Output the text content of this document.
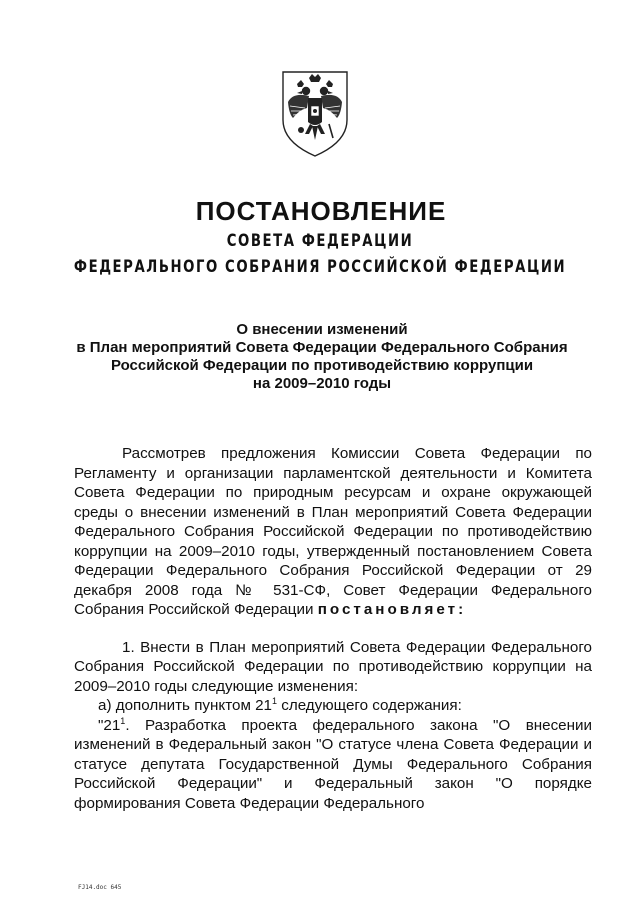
ПОСТАНОВЛЕНИЕ

СОВЕТА ФЕДЕРАЦИИ

ФЕДЕРАЛЬНОГО СОБРАНИЯ РОССИЙСКОЙ ФЕДЕРАЦИИ

О внесении изменений
в План мероприятий Совета Федерации Федерального Собрания
Российской Федерации по противодействию коррупции
на 2009–2010 годы

Рассмотрев предложения Комиссии Совета Федерации по Регламенту и организации парламентской деятельности и Комитета Совета Федерации по природным ресурсам и охране окружающей среды о внесении изменений в План мероприятий Совета Федерации Федерального Собрания Российской Федерации по противодействию коррупции на 2009–2010 годы, утвержденный постановлением Совета Федерации Федерального Собрания Российской Федерации от 29 декабря 2008 года № 531-СФ, Совет Федерации Федерального Собрания Российской Федерации постановляет:

1. Внести в План мероприятий Совета Федерации Федерального Собрания Российской Федерации по противодействию коррупции на 2009–2010 годы следующие изменения:

а) дополнить пунктом $21^1$ следующего содержания:

"$21^1$. Разработка проекта федерального закона "О внесении изменений в Федеральный закон "О статусе члена Совета Федерации и статусе депутата Государственной Думы Федерального Собрания Российской Федерации" и Федеральный закон "О порядке формирования Совета Федерации Федерального

FJ14.doc 645
